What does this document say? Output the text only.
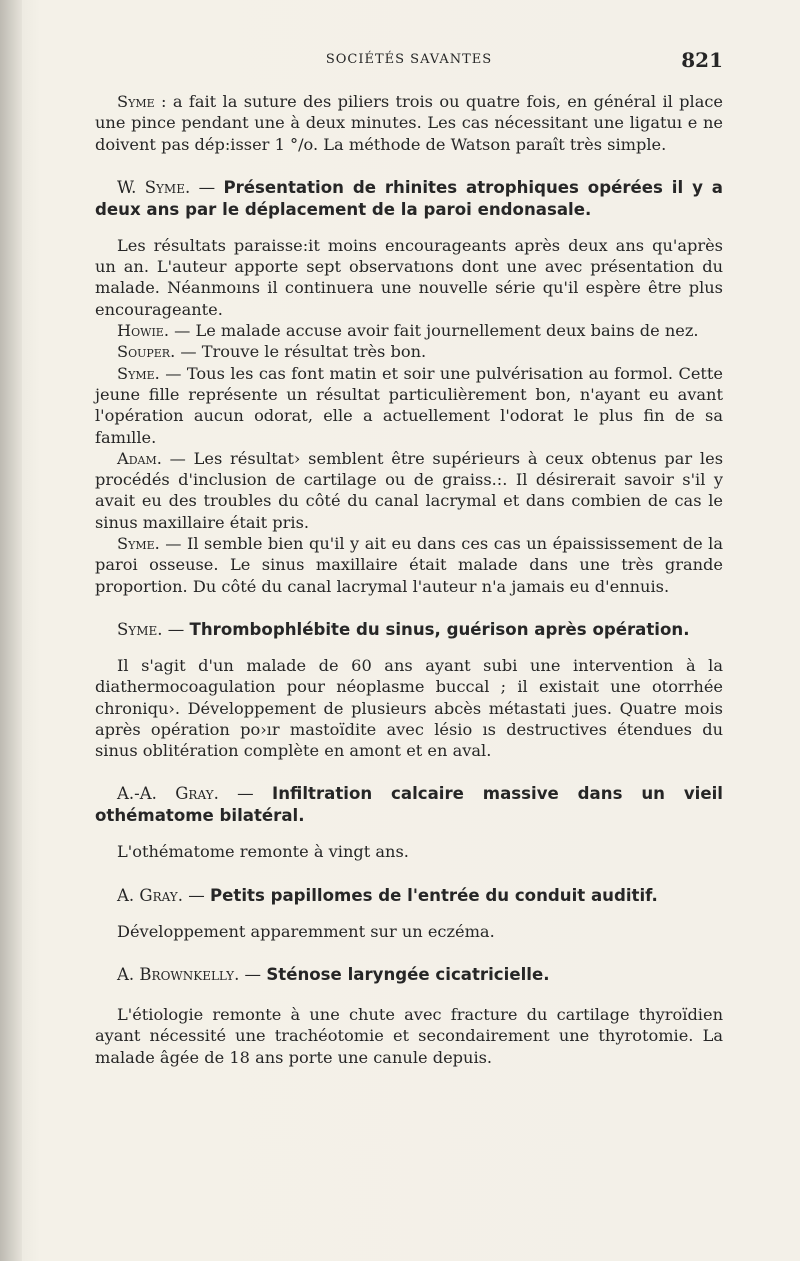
SOCIÉTÉS SAVANTES	821

Syme : a fait la suture des piliers trois ou quatre fois, en général il place une pince pendant une à deux minutes. Les cas nécessitant une ligatuı e ne doivent pas dép:isser 1 °/o. La méthode de Watson paraît très simple.

W. Syme. — Présentation de rhinites atrophiques opérées il y a deux ans par le déplacement de la paroi endonasale.

Les résultats paraisse:it moins encourageants après deux ans qu'après un an. L'auteur apporte sept observatıons dont une avec présentation du malade. Néanmoıns il continuera une nouvelle série qu'il espère être plus encourageante.

Howie. — Le malade accuse avoir fait journellement deux bains de nez.

Souper. — Trouve le résultat très bon.

Syme. — Tous les cas font matin et soir une pulvérisation au formol. Cette jeune fille représente un résultat particulièrement bon, n'ayant eu avant l'opération aucun odorat, elle a actuellement l'odorat le plus fin de sa famılle.

Adam. — Les résultat› semblent être supérieurs à ceux obtenus par les procédés d'inclusion de cartilage ou de graiss.:. Il désirerait savoir s'il y avait eu des troubles du côté du canal lacrymal et dans combien de cas le sinus maxillaire était pris.

Syme. — Il semble bien qu'il y ait eu dans ces cas un épaississement de la paroi osseuse. Le sinus maxillaire était malade dans une très grande proportion. Du côté du canal lacrymal l'auteur n'a jamais eu d'ennuis.

Syme. — Thrombophlébite du sinus, guérison après opération.

Il s'agit d'un malade de 60 ans ayant subi une intervention à la diathermocoagulation pour néoplasme buccal ; il existait une otorrhée chroniqu›. Développement de plusieurs abcès métastati jues. Quatre mois après opération po›ır mastoïdite avec lésio ıs destructives étendues du sinus oblitération complète en amont et en aval.

A.-A. Gray. — Infiltration calcaire massive dans un vieil othématome bilatéral.

L'othématome remonte à vingt ans.

A. Gray. — Petits papillomes de l'entrée du conduit auditif.

Développement apparemment sur un eczéma.

A. Brownkelly. — Sténose laryngée cicatricielle.

L'étiologie remonte à une chute avec fracture du cartilage thyroïdien ayant nécessité une trachéotomie et secondairement une thyrotomie. La malade âgée de 18 ans porte une canule depuis.
